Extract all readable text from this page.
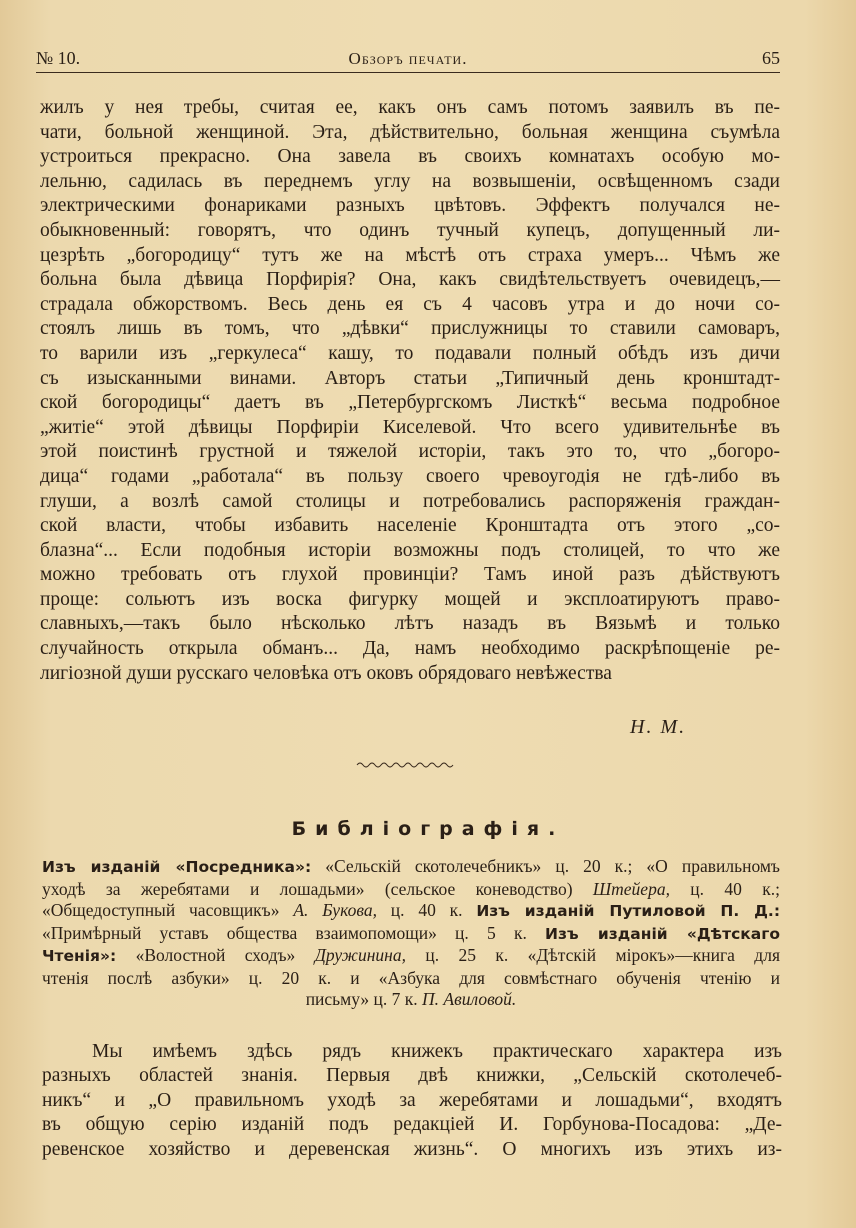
№ 10.	Обзоръ печати.	65
жилъ у нея требы, считая ее, какъ онъ самъ потомъ заявилъ въ пе-
чати, больной женщиной. Эта, дѣйствительно, больная женщина съумѣла
устроиться прекрасно. Она завела въ своихъ комнатахъ особую мо-
лельню, садилась въ переднемъ углу на возвышеніи, освѣщенномъ сзади
электрическими фонариками разныхъ цвѣтовъ. Эффектъ получался не-
обыкновенный: говорятъ, что одинъ тучный купецъ, допущенный ли-
цезрѣть „богородицу“ тутъ же на мѣстѣ отъ страха умеръ... Чѣмъ же
больна была дѣвица Порфирія? Она, какъ свидѣтельствуетъ очевидецъ,—
страдала обжорствомъ. Весь день ея съ 4 часовъ утра и до ночи со-
стоялъ лишь въ томъ, что „дѣвки“ прислужницы то ставили самоваръ,
то варили изъ „геркулеса“ кашу, то подавали полный обѣдъ изъ дичи
съ изысканными винами. Авторъ статьи „Типичный день кронштадт-
ской богородицы“ даетъ въ „Петербургскомъ Листкѣ“ весьма подробное
„житіе“ этой дѣвицы Порфиріи Киселевой. Что всего удивительнѣе въ
этой поистинѣ грустной и тяжелой исторіи, такъ это то, что „богоро-
дица“ годами „работала“ въ пользу своего чревоугодія не гдѣ-либо въ
глуши, а возлѣ самой столицы и потребовались распоряженія граждан-
ской власти, чтобы избавить населеніе Кронштадта отъ этого „со-
блазна“... Если подобныя исторіи возможны подъ столицей, то что же
можно требовать отъ глухой провинціи? Тамъ иной разъ дѣйствуютъ
проще: сольютъ изъ воска фигурку мощей и эксплоатируютъ право-
славныхъ,—такъ было нѣсколько лѣтъ назадъ въ Вязьмѣ и только
случайность открыла обманъ... Да, намъ необходимо раскрѣпощеніе ре-
лигіозной души русскаго человѣка отъ оковъ обрядоваго невѣжества
Н. М.
Библіографія.
Изъ изданій «Посредника»: «Сельскій скотолечебникъ» ц. 20 к.; «О правильномъ
уходѣ за жеребятами и лошадьми» (сельское коневодство) Штейера, ц. 40 к.;
«Общедоступный часовщикъ» А. Букова, ц. 40 к. Изъ изданій Путиловой П. Д.:
«Примѣрный уставъ общества взаимопомощи» ц. 5 к. Изъ изданій «Дѣтскаго
Чтенія»: «Волостной сходъ» Дружинина, ц. 25 к. «Дѣтскій мірокъ»—книга для
чтенія послѣ азбуки» ц. 20 к. и «Азбука для совмѣстнаго обученія чтенію и
письму» ц. 7 к. П. Авиловой.
Мы имѣемъ здѣсь рядъ книжекъ практическаго характера изъ
разныхъ областей знанія. Первыя двѣ книжки, „Сельскій скотолечеб-
никъ“ и „О правильномъ уходѣ за жеребятами и лошадьми“, входятъ
въ общую серію изданій подъ редакціей И. Горбунова-Посадова: „Де-
ревенское хозяйство и деревенская жизнь“. О многихъ изъ этихъ из-
